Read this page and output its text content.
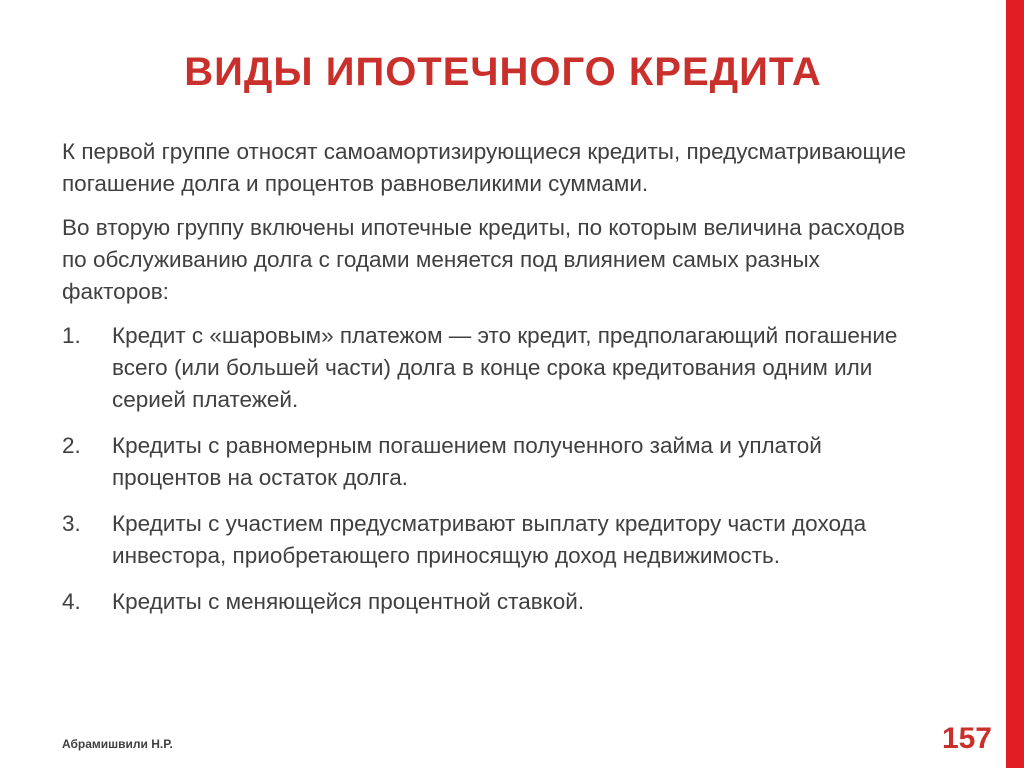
ВИДЫ ИПОТЕЧНОГО КРЕДИТА

К первой группе относят самоамортизирующиеся кредиты, предусматривающие погашение долга и процентов равновеликими суммами.

Во вторую группу включены ипотечные кредиты, по которым величина расходов по обслуживанию долга с годами меняется под влиянием самых разных факторов:

1.	Кредит с «шаровым» платежом — это кредит, предполагающий погашение всего (или большей части) долга в конце срока кредитования одним или серией платежей.
2.	Кредиты с равномерным погашением полученного займа и уплатой процентов на остаток долга.
3.	Кредиты с участием предусматривают выплату кредитору части дохода инвестора, приобретающего приносящую доход недвижимость.
4.	Кредиты с меняющейся процентной ставкой.
Абрамишвили Н.Р.	157
